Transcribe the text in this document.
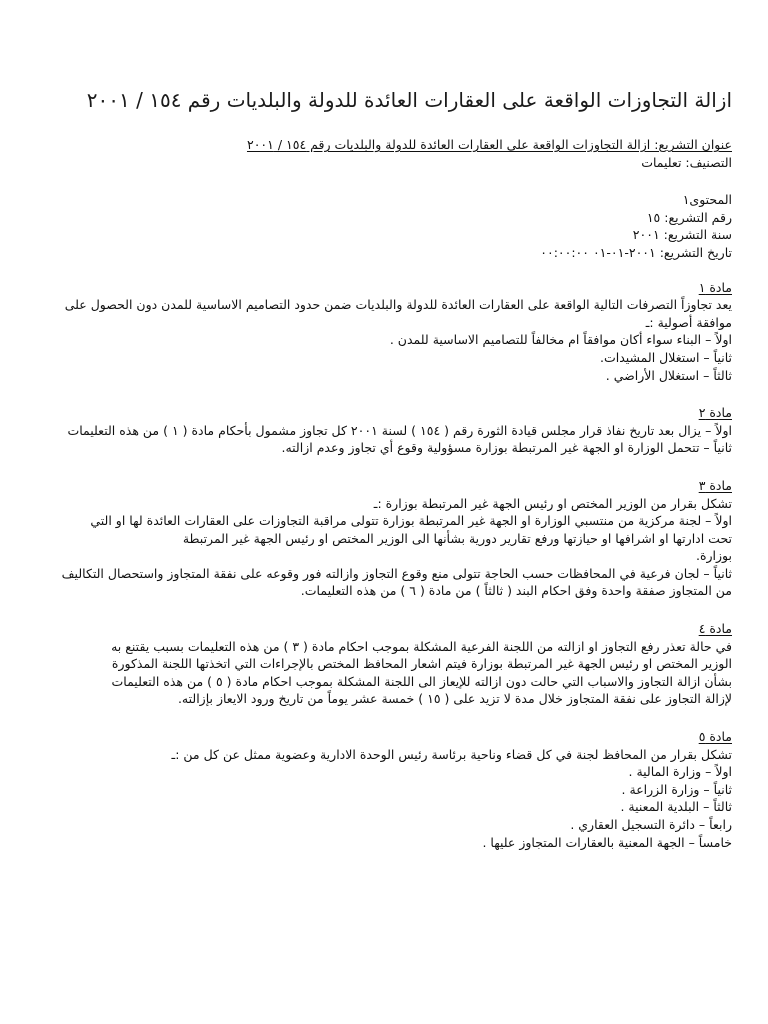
ازالة التجاوزات الواقعة على العقارات العائدة للدولة والبلديات رقم ١٥٤ / ٢٠٠١
عنوان التشريع: ازالة التجاوزات الواقعة على العقارات العائدة للدولة والبلديات رقم ١٥٤ / ٢٠٠١
التصنيف: تعليمات
المحتوى١
رقم التشريع: ١٥
سنة التشريع: ٢٠٠١
تاريخ التشريع: ٢٠٠١-٠١-٠١ ٠٠:٠٠:٠٠
مادة ١
يعد تجاوزاً التصرفات التالية الواقعة على العقارات العائدة للدولة والبلديات ضمن حدود التصاميم الاساسية للمدن دون الحصول على
موافقة أصولية :ـ
اولاً – البناء سواء أكان موافقاً ام مخالفاً للتصاميم الاساسية للمدن .
ثانياً – استغلال المشيدات.
ثالثاً – استغلال الأراضي .
مادة ٢
اولاً – يزال بعد تاريخ نفاذ قرار مجلس قيادة الثورة رقم ( ١٥٤ ) لسنة ٢٠٠١ كل تجاوز مشمول بأحكام مادة ( ١ ) من هذه التعليمات
ثانياً – تتحمل الوزارة او الجهة غير المرتبطة بوزارة مسؤولية وقوع أي تجاوز وعدم ازالته.
مادة ٣
تشكل بقرار من الوزير المختص او رئيس الجهة غير المرتبطة بوزارة :ـ
اولاً – لجنة مركزية من منتسبي الوزارة او الجهة غير المرتبطة بوزارة تتولى مراقبة التجاوزات على العقارات العائدة لها او التي
تحت ادارتها او اشرافها او حيازتها ورفع تقارير دورية بشأنها الى الوزير المختص او رئيس الجهة غير المرتبطة
بوزارة.
ثانياً – لجان فرعية في المحافظات حسب الحاجة تتولى منع وقوع التجاوز وازالته فور وقوعه على نفقة المتجاوز واستحصال التكاليف
من المتجاوز صفقة واحدة وفق احكام البند ( ثالثاً ) من مادة ( ٦ ) من هذه التعليمات.
مادة ٤
في حالة تعذر رفع التجاوز او ازالته من اللجنة الفرعية المشكلة بموجب احكام مادة ( ٣ ) من هذه التعليمات بسبب يقتنع به
الوزير المختص او رئيس الجهة غير المرتبطة بوزارة فيتم اشعار المحافظ المختص بالإجراءات التي اتخذتها اللجنة المذكورة
بشأن ازالة التجاوز والاسباب التي حالت دون ازالته للإيعاز الى اللجنة المشكلة بموجب احكام مادة ( ٥ ) من هذه التعليمات
لإزالة التجاوز على نفقة المتجاوز خلال مدة لا تزيد على ( ١٥ ) خمسة عشر يوماً من تاريخ ورود الايعاز بإزالته.
مادة ٥
تشكل بقرار من المحافظ لجنة في كل قضاء وناحية برئاسة رئيس الوحدة الادارية وعضوية ممثل عن كل من :ـ
اولاً – وزارة المالية .
ثانياً – وزارة الزراعة .
ثالثاً – البلدية المعنية .
رابعاً – دائرة التسجيل العقاري .
خامساً – الجهة المعنية بالعقارات المتجاوز عليها .
